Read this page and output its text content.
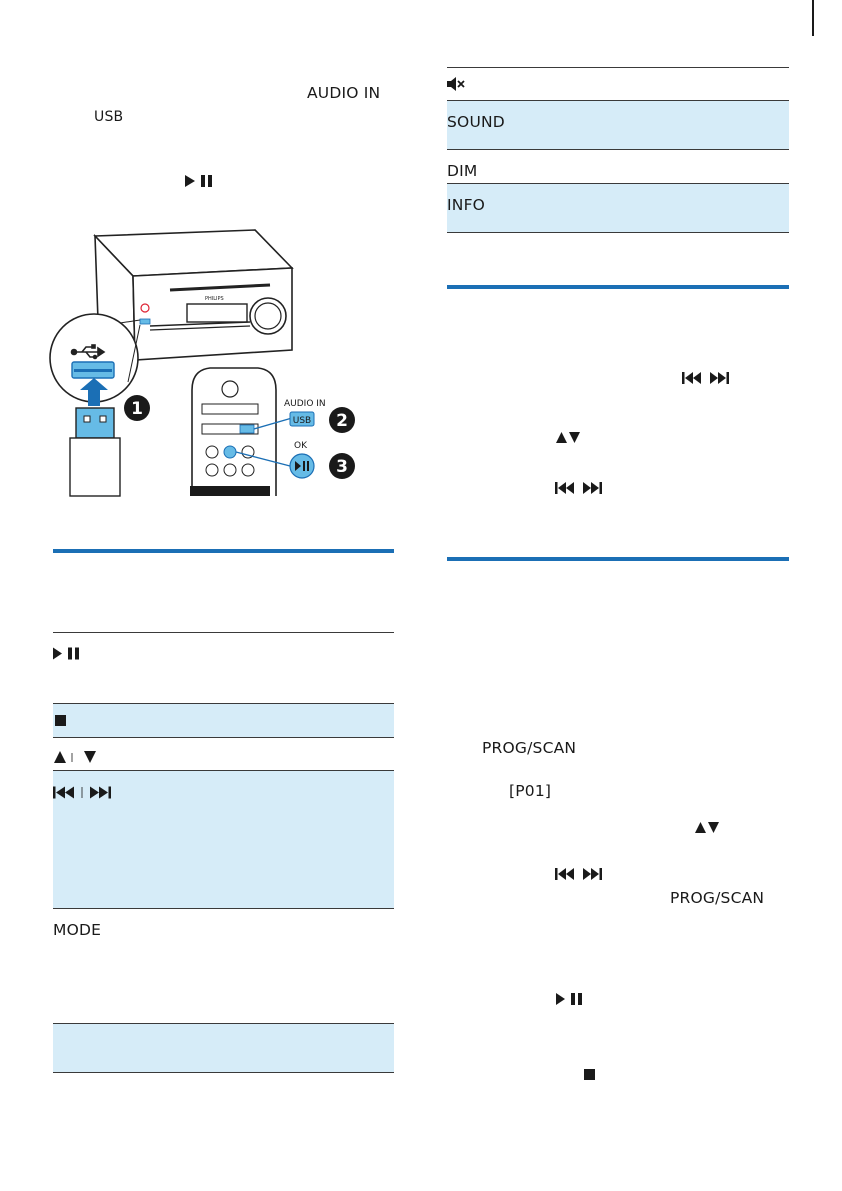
AUDIO IN
USB
PHILIPS
1	AUDIO IN
USB 2
OK
3
MODE
SOUND
DIM
INFO
PROG/SCAN
[P01]
PROG/SCAN
